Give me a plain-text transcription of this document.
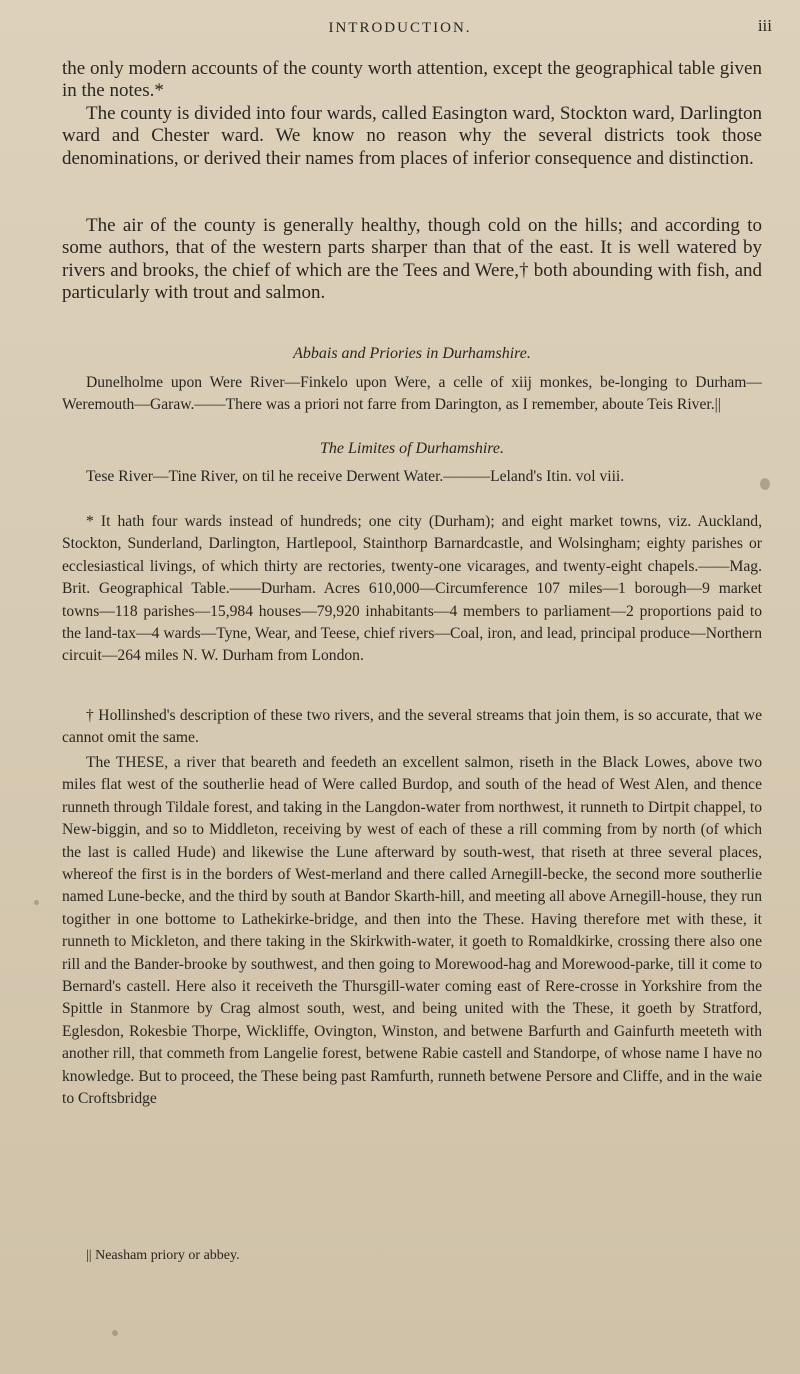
INTRODUCTION.	iii

the only modern accounts of the county worth attention, except the geographical table given in the notes.*

The county is divided into four wards, called Easington ward, Stockton ward, Darlington ward and Chester ward. We know no reason why the several districts took those denominations, or derived their names from places of inferior consequence and distinction.

The air of the county is generally healthy, though cold on the hills; and according to some authors, that of the western parts sharper than that of the east. It is well watered by rivers and brooks, the chief of which are the Tees and Were,† both abounding with fish, and particularly with trout and salmon.

Abbais and Priories in Durhamshire.

Dunelholme upon Were River—Finkelo upon Were, a celle of xiij monkes, be-longing to Durham—Weremouth—Garaw.——There was a priori not farre from Darington, as I remember, aboute Teis River.||

The Limites of Durhamshire.

Tese River—Tine River, on til he receive Derwent Water.———Leland's Itin. vol viii.

* It hath four wards instead of hundreds; one city (Durham); and eight market towns, viz. Auckland, Stockton, Sunderland, Darlington, Hartlepool, Stainthorp Barnardcastle, and Wolsingham; eighty parishes or ecclesiastical livings, of which thirty are rectories, twenty-one vicarages, and twenty-eight chapels.——Mag. Brit. Geographical Table.——Durham. Acres 610,000—Circumference 107 miles—1 borough—9 market towns—118 parishes—15,984 houses—79,920 inhabitants—4 members to parliament—2 proportions paid to the land-tax—4 wards—Tyne, Wear, and Teese, chief rivers—Coal, iron, and lead, principal produce—Northern circuit—264 miles N. W. Durham from London.

† Hollinshed's description of these two rivers, and the several streams that join them, is so accurate, that we cannot omit the same.

The THESE, a river that beareth and feedeth an excellent salmon, riseth in the Black Lowes, above two miles flat west of the southerlie head of Were called Burdop, and south of the head of West Alen, and thence runneth through Tildale forest, and taking in the Langdon-water from northwest, it runneth to Dirtpit chappel, to New-biggin, and so to Middleton, receiving by west of each of these a rill comming from by north (of which the last is called Hude) and likewise the Lune afterward by south-west, that riseth at three several places, whereof the first is in the borders of West-merland and there called Arnegill-becke, the second more southerlie named Lune-becke, and the third by south at Bandor Skarth-hill, and meeting all above Arnegill-house, they run togither in one bottome to Lathekirke-bridge, and then into the These. Having therefore met with these, it runneth to Mickleton, and there taking in the Skirkwith-water, it goeth to Romaldkirke, crossing there also one rill and the Bander-brooke by southwest, and then going to Morewood-hag and Morewood-parke, till it come to Bernard's castell. Here also it receiveth the Thursgill-water coming east of Rere-crosse in Yorkshire from the Spittle in Stanmore by Crag almost south, west, and being united with the These, it goeth by Stratford, Eglesdon, Rokesbie Thorpe, Wickliffe, Ovington, Winston, and betwene Barfurth and Gainfurth meeteth with another rill, that commeth from Langelie forest, betwene Rabie castell and Standorpe, of whose name I have no knowledge. But to proceed, the These being past Ramfurth, runneth betwene Persore and Cliffe, and in the waie to Croftsbridge

|| Neasham priory or abbey.
